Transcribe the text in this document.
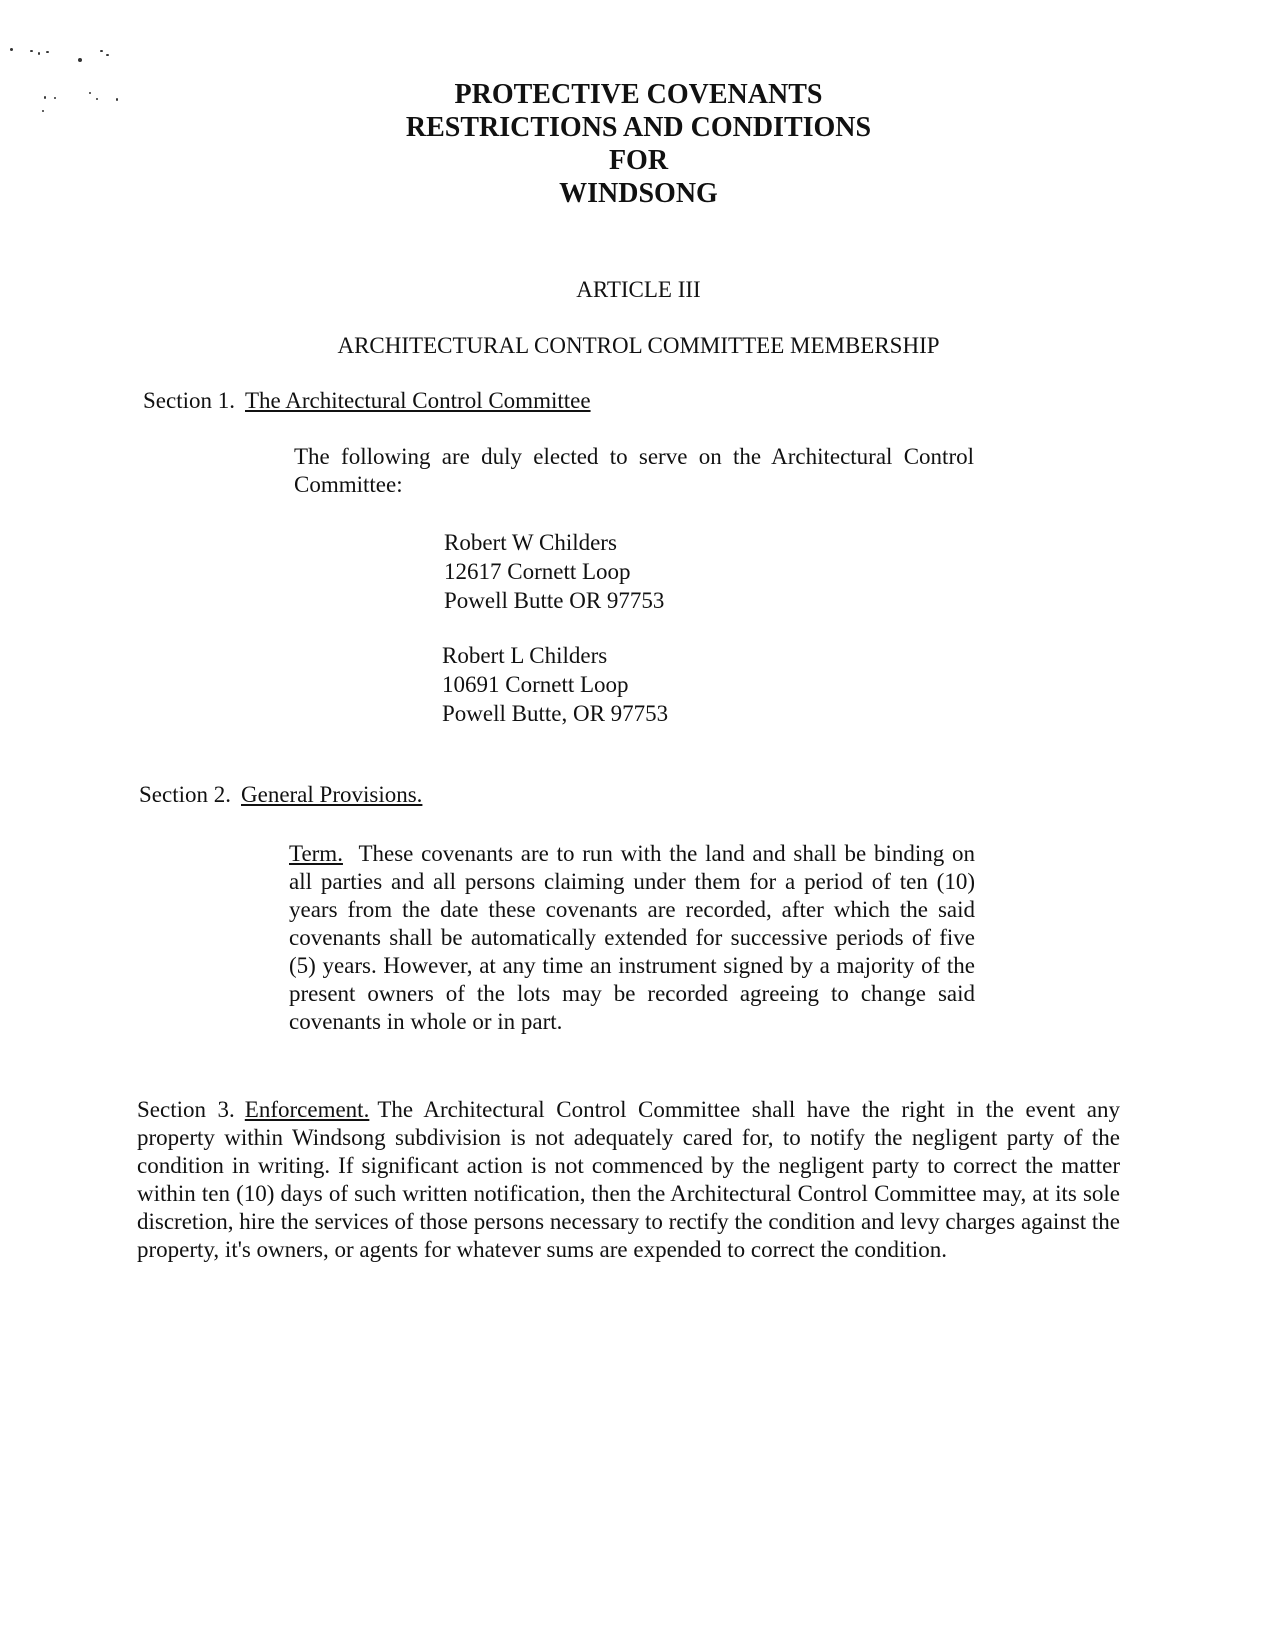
PROTECTIVE COVENANTS
RESTRICTIONS AND CONDITIONS
FOR
WINDSONG
ARTICLE III
ARCHITECTURAL CONTROL COMMITTEE MEMBERSHIP
Section 1. The Architectural Control Committee
The following are duly elected to serve on the Architectural Control Committee:
Robert W Childers
12617 Cornett Loop
Powell Butte OR 97753
Robert L Childers
10691 Cornett Loop
Powell Butte, OR 97753
Section 2. General Provisions.
Term. These covenants are to run with the land and shall be binding on all parties and all persons claiming under them for a period of ten (10) years from the date these covenants are recorded, after which the said covenants shall be automatically extended for successive periods of five (5) years. However, at any time an instrument signed by a majority of the present owners of the lots may be recorded agreeing to change said covenants in whole or in part.
Section 3. Enforcement. The Architectural Control Committee shall have the right in the event any property within Windsong subdivision is not adequately cared for, to notify the negligent party of the condition in writing. If significant action is not commenced by the negligent party to correct the matter within ten (10) days of such written notification, then the Architectural Control Committee may, at its sole discretion, hire the services of those persons necessary to rectify the condition and levy charges against the property, it's owners, or agents for whatever sums are expended to correct the condition.
